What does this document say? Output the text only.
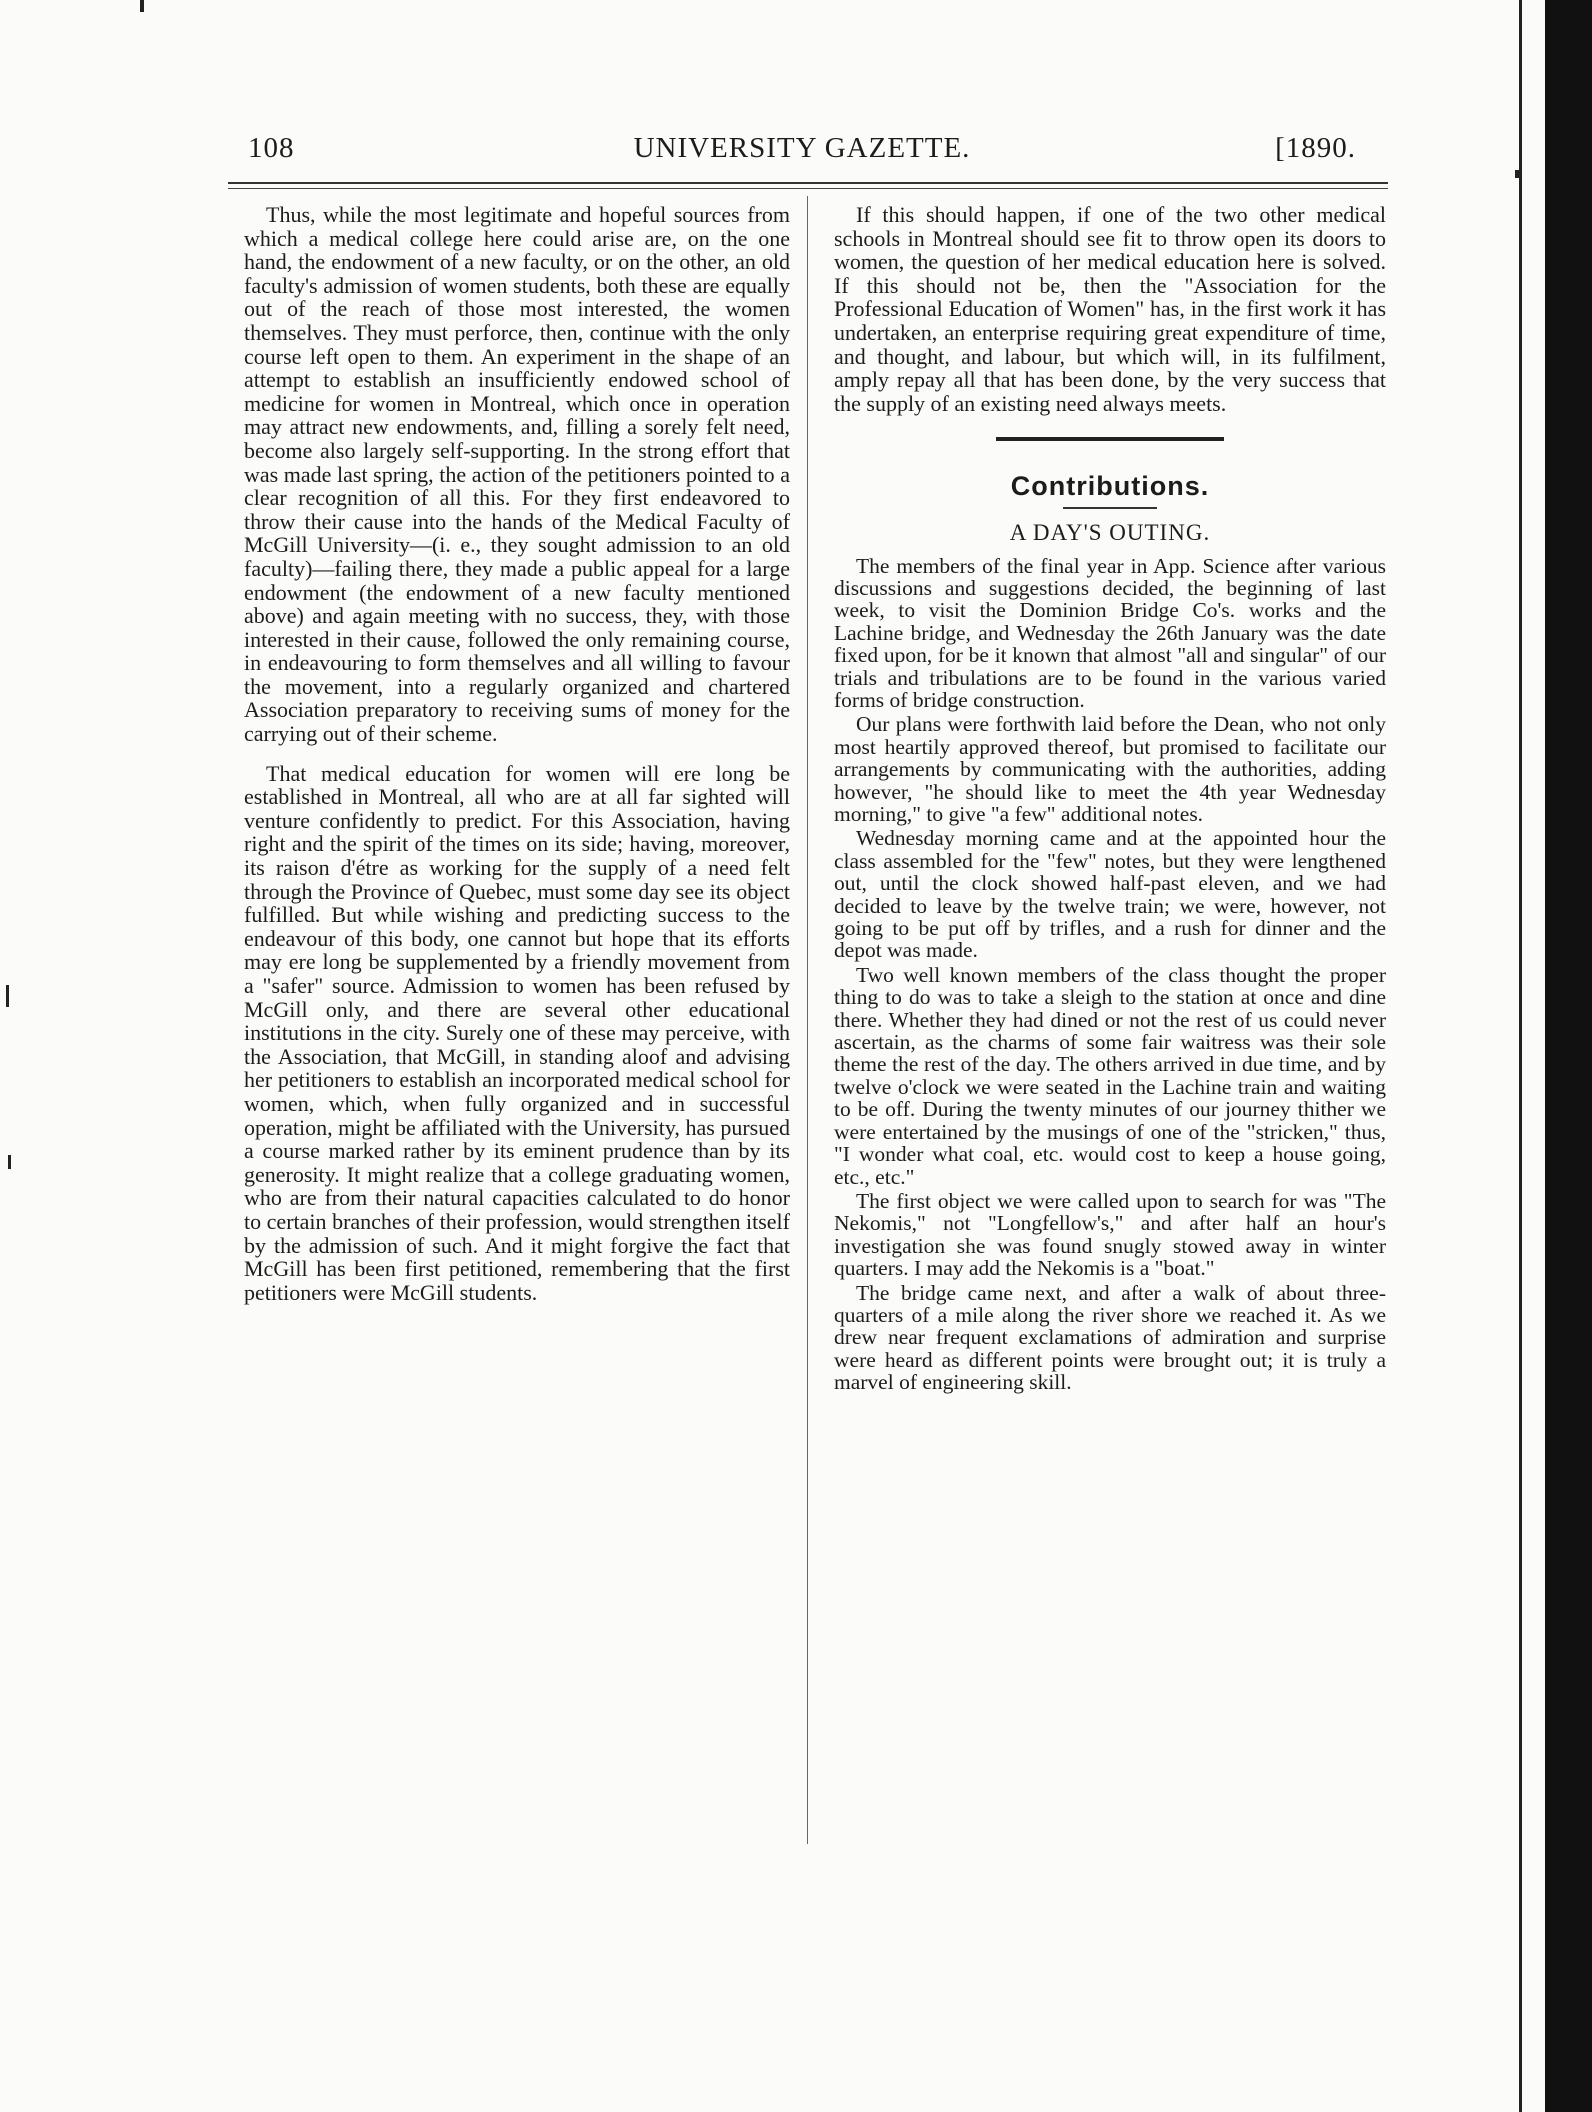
108	UNIVERSITY GAZETTE.	[1890.

Thus, while the most legitimate and hopeful sources from which a medical college here could arise are, on the one hand, the endowment of a new faculty, or on the other, an old faculty's admission of women students, both these are equally out of the reach of those most interested, the women themselves. They must perforce, then, continue with the only course left open to them. An experiment in the shape of an attempt to establish an insufficiently endowed school of medicine for women in Montreal, which once in operation may attract new endowments, and, filling a sorely felt need, become also largely self-supporting. In the strong effort that was made last spring, the action of the petitioners pointed to a clear recognition of all this. For they first endeavored to throw their cause into the hands of the Medical Faculty of McGill University—(i. e., they sought admission to an old faculty)—failing there, they made a public appeal for a large endowment (the endowment of a new faculty mentioned above) and again meeting with no success, they, with those interested in their cause, followed the only remaining course, in endeavouring to form themselves and all willing to favour the movement, into a regularly organized and chartered Association preparatory to receiving sums of money for the carrying out of their scheme.

That medical education for women will ere long be established in Montreal, all who are at all far sighted will venture confidently to predict. For this Association, having right and the spirit of the times on its side; having, moreover, its raison d'étre as working for the supply of a need felt through the Province of Quebec, must some day see its object fulfilled. But while wishing and predicting success to the endeavour of this body, one cannot but hope that its efforts may ere long be supplemented by a friendly movement from a "safer" source. Admission to women has been refused by McGill only, and there are several other educational institutions in the city. Surely one of these may perceive, with the Association, that McGill, in standing aloof and advising her petitioners to establish an incorporated medical school for women, which, when fully organized and in successful operation, might be affiliated with the University, has pursued a course marked rather by its eminent prudence than by its generosity. It might realize that a college graduating women, who are from their natural capacities calculated to do honor to certain branches of their profession, would strengthen itself by the admission of such. And it might forgive the fact that McGill has been first petitioned, remembering that the first petitioners were McGill students.

If this should happen, if one of the two other medical schools in Montreal should see fit to throw open its doors to women, the question of her medical education here is solved. If this should not be, then the "Association for the Professional Education of Women" has, in the first work it has undertaken, an enterprise requiring great expenditure of time, and thought, and labour, but which will, in its fulfilment, amply repay all that has been done, by the very success that the supply of an existing need always meets.

Contributions.
A DAY'S OUTING.

The members of the final year in App. Science after various discussions and suggestions decided, the beginning of last week, to visit the Dominion Bridge Co's. works and the Lachine bridge, and Wednesday the 26th January was the date fixed upon, for be it known that almost "all and singular" of our trials and tribulations are to be found in the various varied forms of bridge construction.

Our plans were forthwith laid before the Dean, who not only most heartily approved thereof, but promised to facilitate our arrangements by communicating with the authorities, adding however, "he should like to meet the 4th year Wednesday morning," to give "a few" additional notes.

Wednesday morning came and at the appointed hour the class assembled for the "few" notes, but they were lengthened out, until the clock showed half-past eleven, and we had decided to leave by the twelve train; we were, however, not going to be put off by trifles, and a rush for dinner and the depot was made.

Two well known members of the class thought the proper thing to do was to take a sleigh to the station at once and dine there. Whether they had dined or not the rest of us could never ascertain, as the charms of some fair waitress was their sole theme the rest of the day. The others arrived in due time, and by twelve o'clock we were seated in the Lachine train and waiting to be off. During the twenty minutes of our journey thither we were entertained by the musings of one of the "stricken," thus, "I wonder what coal, etc. would cost to keep a house going, etc., etc."

The first object we were called upon to search for was "The Nekomis," not "Longfellow's," and after half an hour's investigation she was found snugly stowed away in winter quarters. I may add the Nekomis is a "boat."

The bridge came next, and after a walk of about three-quarters of a mile along the river shore we reached it. As we drew near frequent exclamations of admiration and surprise were heard as different points were brought out; it is truly a marvel of engineering skill.
